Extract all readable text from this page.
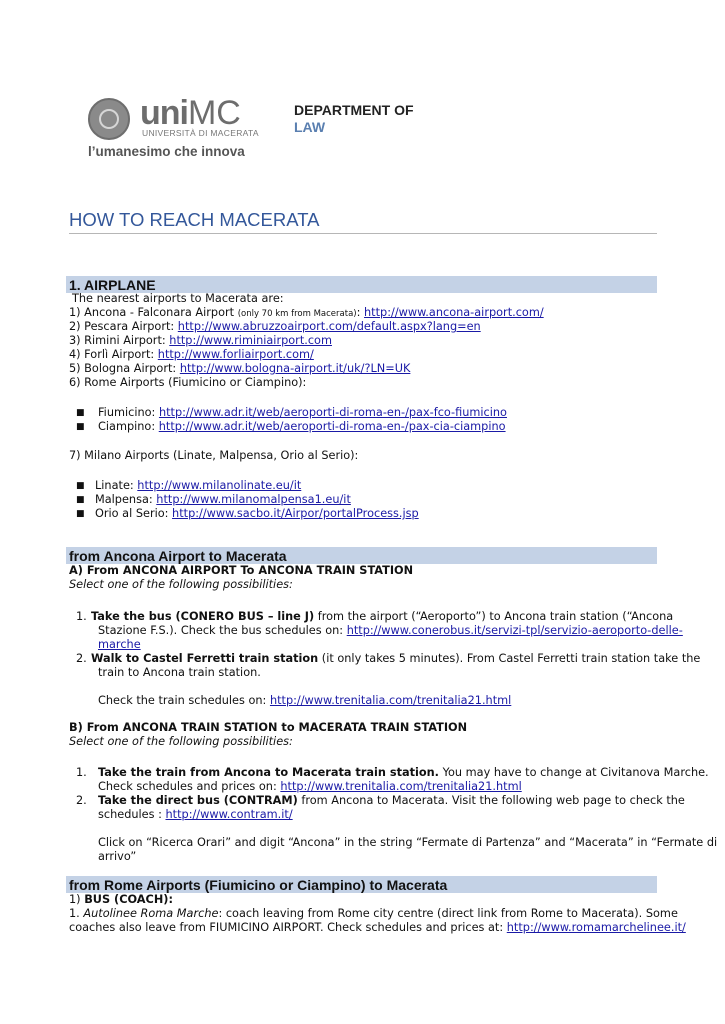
uniMC
UNIVERSITÀ DI MACERATA
l’umanesimo che innova
DEPARTMENT OF
LAW
HOW TO REACH MACERATA
1. AIRPLANE
The nearest airports to Macerata are:
1) Ancona - Falconara Airport (only 70 km from Macerata): http://www.ancona-airport.com/
2) Pescara Airport: http://www.abruzzoairport.com/default.aspx?lang=en
3) Rimini Airport: http://www.riminiairport.com
4) Forlì Airport: http://www.forliairport.com/
5) Bologna Airport: http://www.bologna-airport.it/uk/?LN=UK
6) Rome Airports (Fiumicino or Ciampino):
■ Fiumicino: http://www.adr.it/web/aeroporti-di-roma-en-/pax-fco-fiumicino
■ Ciampino: http://www.adr.it/web/aeroporti-di-roma-en-/pax-cia-ciampino
7) Milano Airports (Linate, Malpensa, Orio al Serio):
■ Linate: http://www.milanolinate.eu/it
■ Malpensa: http://www.milanomalpensa1.eu/it
■ Orio al Serio: http://www.sacbo.it/Airpor/portalProcess.jsp
from Ancona Airport to Macerata
A) From ANCONA AIRPORT To ANCONA TRAIN STATION
Select one of the following possibilities:
1. Take the bus (CONERO BUS – line J) from the airport (“Aeroporto”) to Ancona train station (“Ancona
Stazione F.S.). Check the bus schedules on: http://www.conerobus.it/servizi-tpl/servizio-aeroporto-delle-
marche
2. Walk to Castel Ferretti train station (it only takes 5 minutes). From Castel Ferretti train station take the
train to Ancona train station.
Check the train schedules on: http://www.trenitalia.com/trenitalia21.html
B) From ANCONA TRAIN STATION to MACERATA TRAIN STATION
Select one of the following possibilities:
1. Take the train from Ancona to Macerata train station. You may have to change at Civitanova Marche.
Check schedules and prices on: http://www.trenitalia.com/trenitalia21.html
2. Take the direct bus (CONTRAM) from Ancona to Macerata. Visit the following web page to check the
schedules : http://www.contram.it/
Click on “Ricerca Orari” and digit “Ancona” in the string “Fermate di Partenza” and “Macerata” in “Fermate di
arrivo”
from Rome Airports (Fiumicino or Ciampino) to Macerata
1) BUS (COACH):
1. Autolinee Roma Marche: coach leaving from Rome city centre (direct link from Rome to Macerata). Some
coaches also leave from FIUMICINO AIRPORT. Check schedules and prices at: http://www.romamarchelinee.it/
